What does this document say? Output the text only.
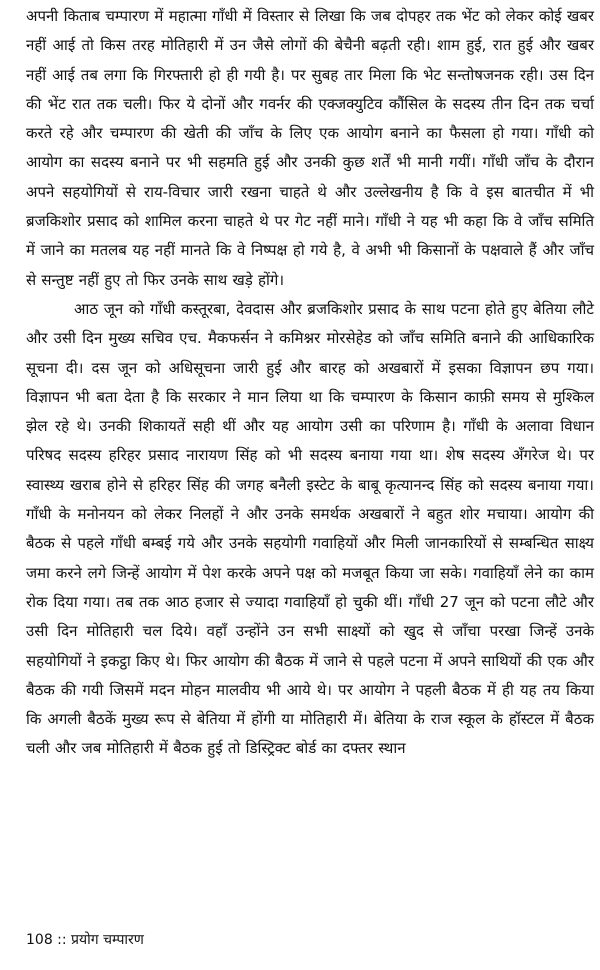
अपनी किताब चम्पारण में महात्मा गाँधी में विस्तार से लिखा कि जब दोपहर तक भेंट को लेकर कोई खबर नहीं आई तो किस तरह मोतिहारी में उन जैसे लोगों की बेचैनी बढ़ती रही। शाम हुई, रात हुई और खबर नहीं आई तब लगा कि गिरफ्तारी हो ही गयी है। पर सुबह तार मिला कि भेट सन्तोषजनक रही। उस दिन की भेंट रात तक चली। फिर ये दोनों और गवर्नर की एक्जक्युटिव कौंसिल के सदस्य तीन दिन तक चर्चा करते रहे और चम्पारण की खेती की जाँच के लिए एक आयोग बनाने का फैसला हो गया। गाँधी को आयोग का सदस्य बनाने पर भी सहमति हुई और उनकी कुछ शर्तें भी मानी गयीं। गाँधी जाँच के दौरान अपने सहयोगियों से राय-विचार जारी रखना चाहते थे और उल्लेखनीय है कि वे इस बातचीत में भी ब्रजकिशोर प्रसाद को शामिल करना चाहते थे पर गेट नहीं माने। गाँधी ने यह भी कहा कि वे जाँच समिति में जाने का मतलब यह नहीं मानते कि वे निष्पक्ष हो गये है, वे अभी भी किसानों के पक्षवाले हैं और जाँच से सन्तुष्ट नहीं हुए तो फिर उनके साथ खड़े होंगे।

आठ जून को गाँधी कस्तूरबा, देवदास और ब्रजकिशोर प्रसाद के साथ पटना होते हुए बेतिया लौटे और उसी दिन मुख्य सचिव एच. मैकफर्सन ने कमिश्नर मोरसेहेड को जाँच समिति बनाने की आधिकारिक सूचना दी। दस जून को अधिसूचना जारी हुई और बारह को अखबारों में इसका विज्ञापन छप गया। विज्ञापन भी बता देता है कि सरकार ने मान लिया था कि चम्पारण के किसान काफ़ी समय से मुश्किल झेल रहे थे। उनकी शिकायतें सही थीं और यह आयोग उसी का परिणाम है। गाँधी के अलावा विधान परिषद सदस्य हरिहर प्रसाद नारायण सिंह को भी सदस्य बनाया गया था। शेष सदस्य अँगरेज थे। पर स्वास्थ्य खराब होने से हरिहर सिंह की जगह बनैली इस्टेट के बाबू कृत्यानन्द सिंह को सदस्य बनाया गया। गाँधी के मनोनयन को लेकर निलहों ने और उनके समर्थक अखबारों ने बहुत शोर मचाया। आयोग की बैठक से पहले गाँधी बम्बई गये और उनके सहयोगी गवाहियों और मिली जानकारियों से सम्बन्धित साक्ष्य जमा करने लगे जिन्हें आयोग में पेश करके अपने पक्ष को मजबूत किया जा सके। गवाहियाँ लेने का काम रोक दिया गया। तब तक आठ हजार से ज्यादा गवाहियाँ हो चुकी थीं। गाँधी 27 जून को पटना लौटे और उसी दिन मोतिहारी चल दिये। वहाँ उन्होंने उन सभी साक्ष्यों को खुद से जाँचा परखा जिन्हें उनके सहयोगियों ने इकट्ठा किए थे। फिर आयोग की बैठक में जाने से पहले पटना में अपने साथियों की एक और बैठक की गयी जिसमें मदन मोहन मालवीय भी आये थे। पर आयोग ने पहली बैठक में ही यह तय किया कि अगली बैठकें मुख्य रूप से बेतिया में होंगी या मोतिहारी में। बेतिया के राज स्कूल के हॉस्टल में बैठक चली और जब मोतिहारी में बैठक हुई तो डिस्ट्रिक्ट बोर्ड का दफ्तर स्थान

108 :: प्रयोग चम्पारण
